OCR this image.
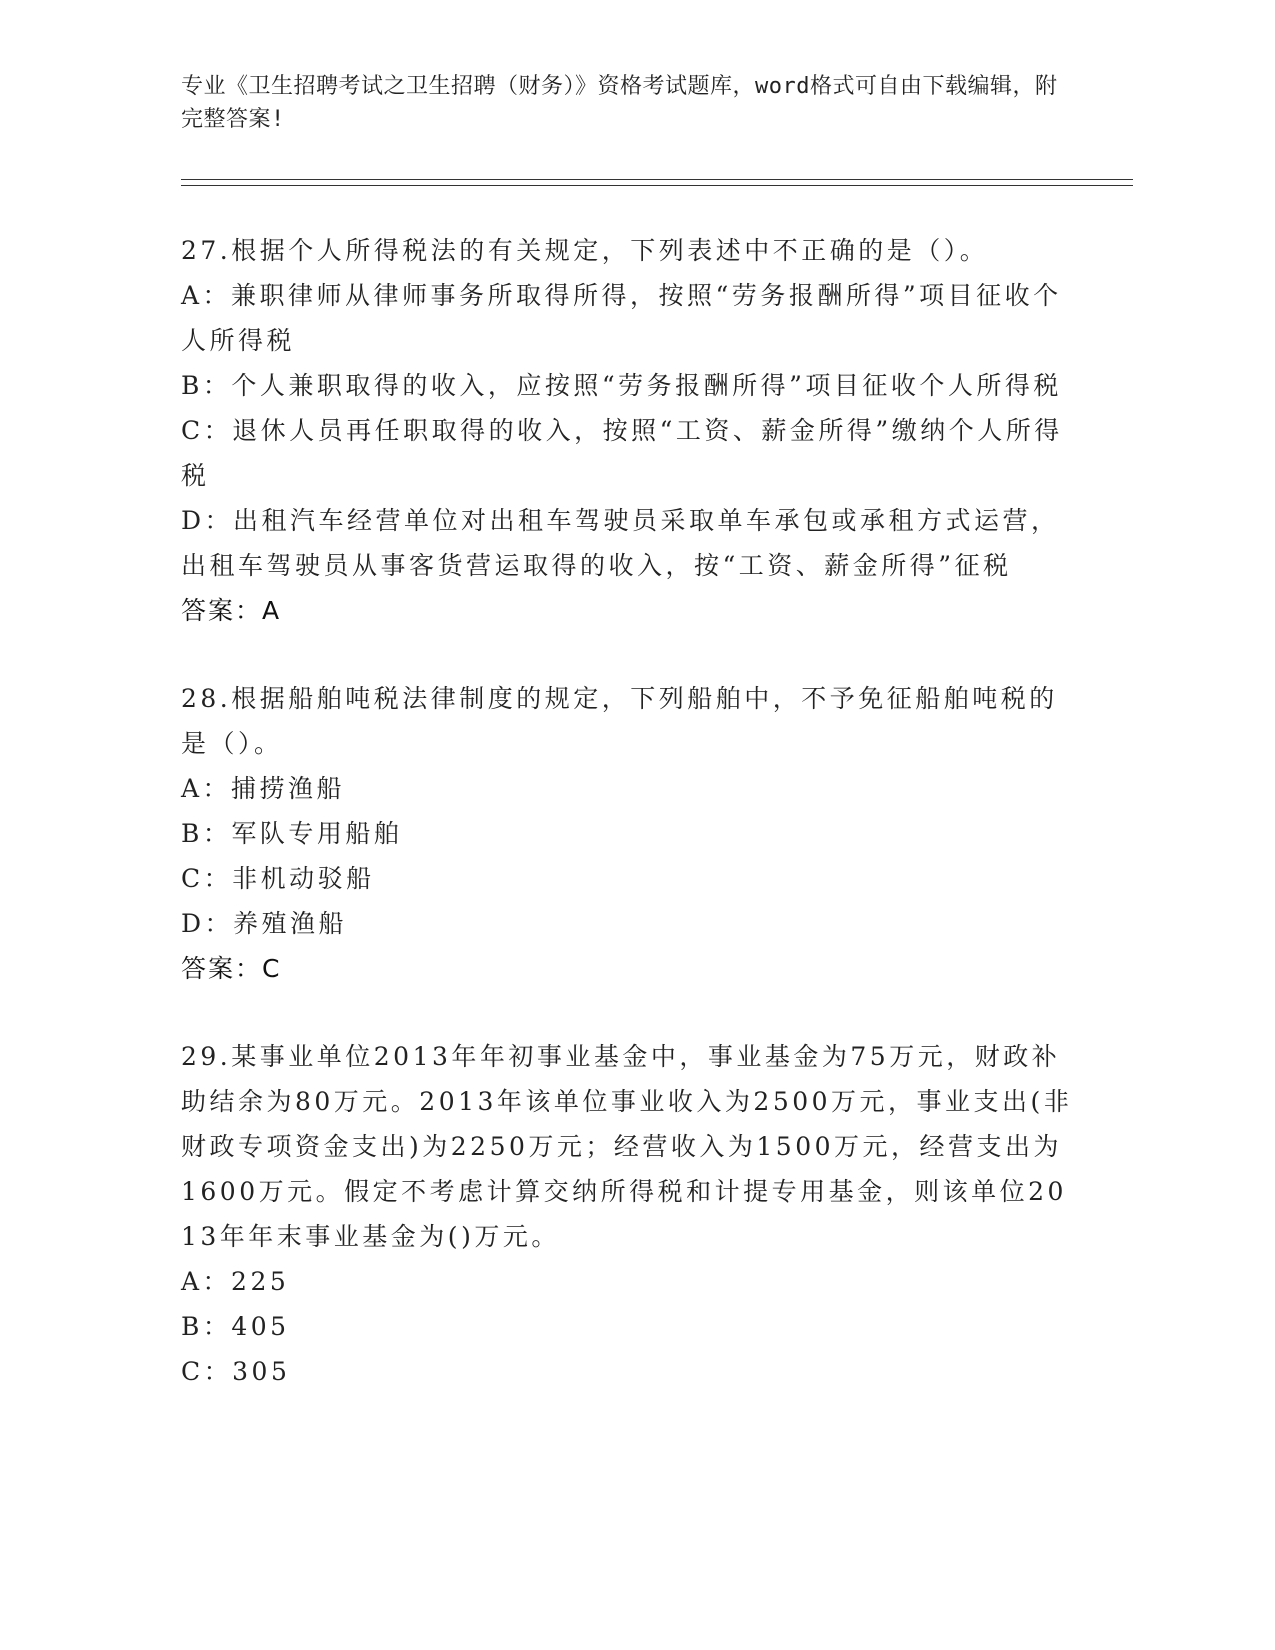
专业《卫生招聘考试之卫生招聘（财务）》资格考试题库，word格式可自由下载编辑，附完整答案!

27.根据个人所得税法的有关规定，下列表述中不正确的是（）。

A：兼职律师从律师事务所取得所得，按照“劳务报酬所得”项目征收个人所得税
B：个人兼职取得的收入，应按照“劳务报酬所得”项目征收个人所得税
C：退休人员再任职取得的收入，按照“工资、薪金所得”缴纳个人所得税
D：出租汽车经营单位对出租车驾驶员采取单车承包或承租方式运营，出租车驾驶员从事客货营运取得的收入，按“工资、薪金所得”征税

答案：A

28.根据船舶吨税法律制度的规定，下列船舶中，不予免征船舶吨税的是（）。

A：捕捞渔船
B：军队专用船舶
C：非机动驳船
D：养殖渔船

答案：C

29.某事业单位2013年年初事业基金中，事业基金为75万元，财政补助结余为80万元。2013年该单位事业收入为2500万元，事业支出(非财政专项资金支出)为2250万元；经营收入为1500万元，经营支出为1600万元。假定不考虑计算交纳所得税和计提专用基金，则该单位2013年年末事业基金为()万元。

A：225
B：405
C：305
